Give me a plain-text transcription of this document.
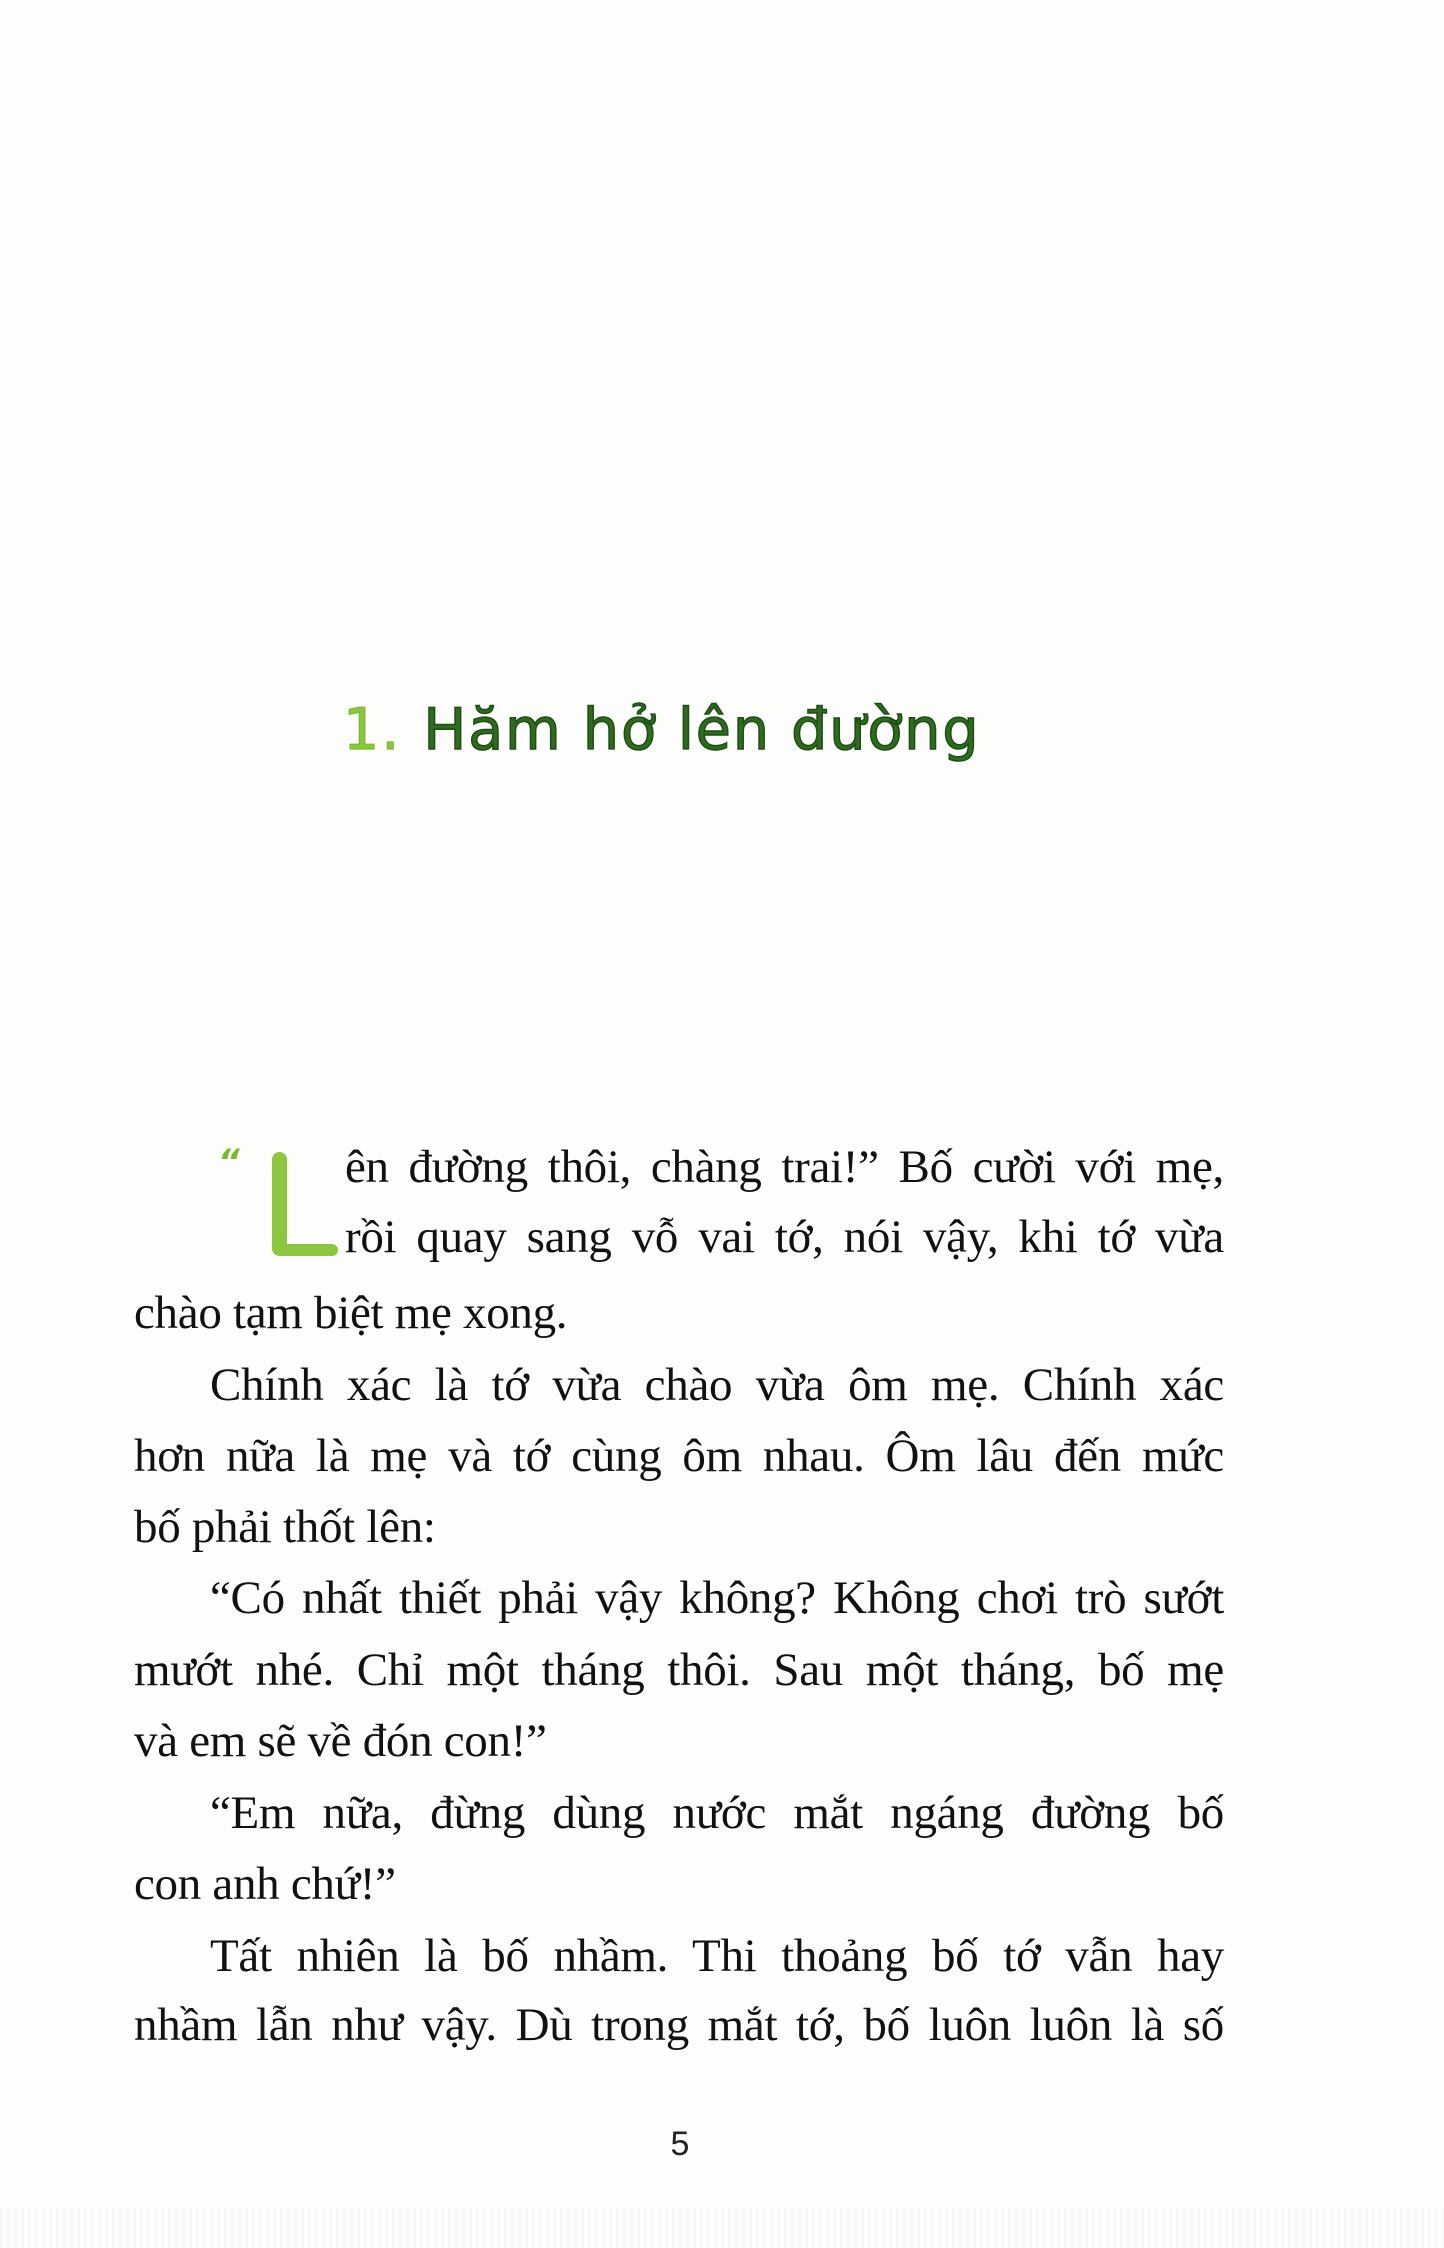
1. Hăm hở lên đường
“ ên đường thôi, chàng trai!” Bố cười với mẹ,
rồi quay sang vỗ vai tớ, nói vậy, khi tớ vừa
chào tạm biệt mẹ xong.
Chính xác là tớ vừa chào vừa ôm mẹ. Chính xác
hơn nữa là mẹ và tớ cùng ôm nhau. Ôm lâu đến mức
bố phải thốt lên:
“Có nhất thiết phải vậy không? Không chơi trò sướt
mướt nhé. Chỉ một tháng thôi. Sau một tháng, bố mẹ
và em sẽ về đón con!”
“Em nữa, đừng dùng nước mắt ngáng đường bố
con anh chứ!”
Tất nhiên là bố nhầm. Thi thoảng bố tớ vẫn hay
nhầm lẫn như vậy. Dù trong mắt tớ, bố luôn luôn là số
5
